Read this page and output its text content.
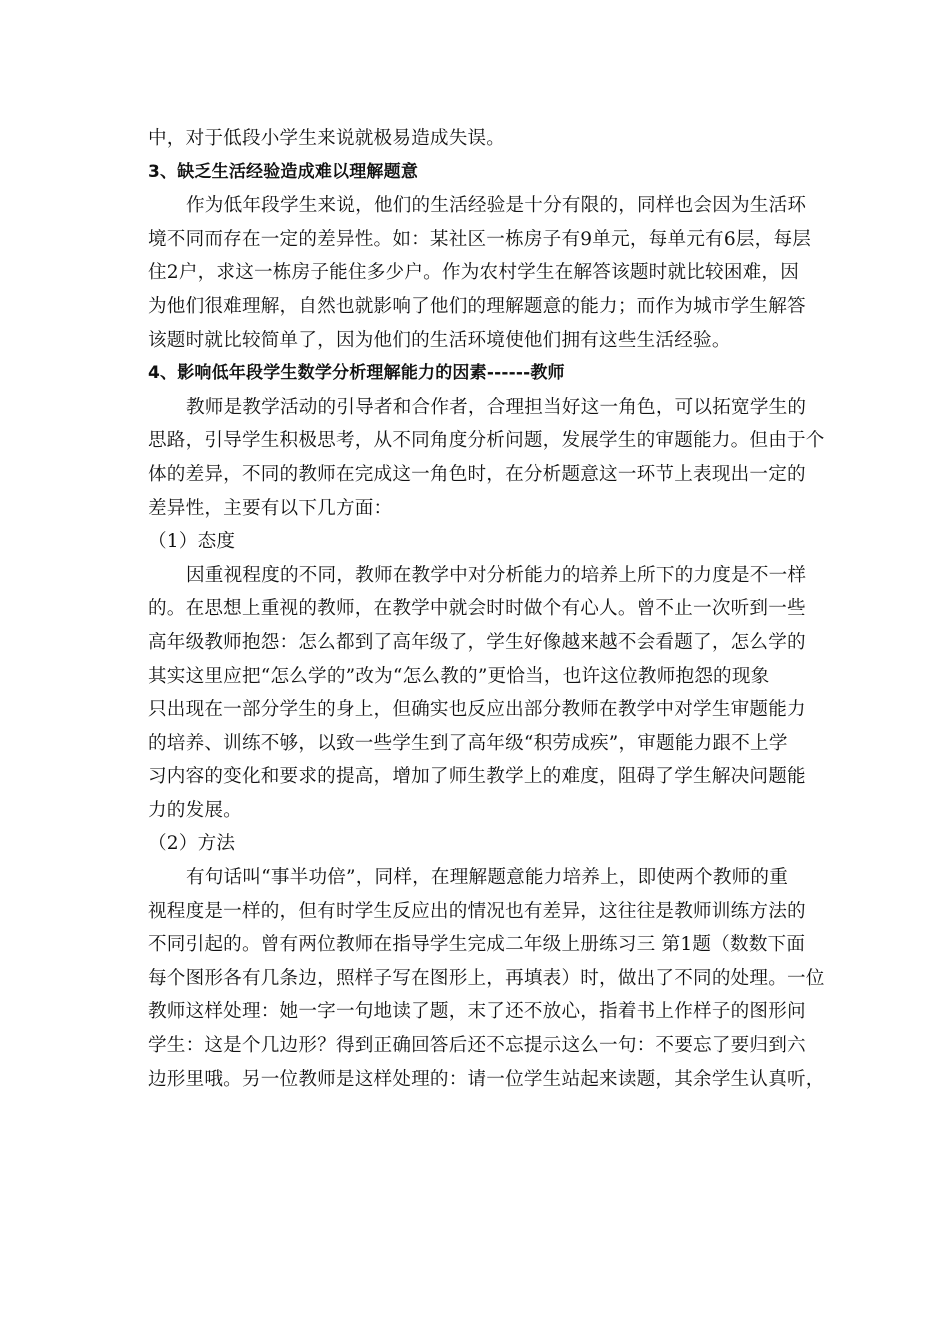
中，对于低段小学生来说就极易造成失误。
3、缺乏生活经验造成难以理解题意
作为低年段学生来说，他们的生活经验是十分有限的，同样也会因为生活环
境不同而存在一定的差异性。如：某社区一栋房子有9单元，每单元有6层，每层
住2户，求这一栋房子能住多少户。作为农村学生在解答该题时就比较困难，因
为他们很难理解，自然也就影响了他们的理解题意的能力；而作为城市学生解答
该题时就比较简单了，因为他们的生活环境使他们拥有这些生活经验。
4、影响低年段学生数学分析理解能力的因素------教师
教师是教学活动的引导者和合作者，合理担当好这一角色，可以拓宽学生的
思路，引导学生积极思考，从不同角度分析问题，发展学生的审题能力。但由于个
体的差异，不同的教师在完成这一角色时，在分析题意这一环节上表现出一定的
差异性，主要有以下几方面：
（1）态度
因重视程度的不同，教师在教学中对分析能力的培养上所下的力度是不一样
的。在思想上重视的教师，在教学中就会时时做个有心人。曾不止一次听到一些
高年级教师抱怨：怎么都到了高年级了，学生好像越来越不会看题了，怎么学的
其实这里应把“怎么学的”改为“怎么教的”更恰当，也许这位教师抱怨的现象
只出现在一部分学生的身上，但确实也反应出部分教师在教学中对学生审题能力
的培养、训练不够，以致一些学生到了高年级“积劳成疾”，审题能力跟不上学
习内容的变化和要求的提高，增加了师生教学上的难度，阻碍了学生解决问题能
力的发展。
（2）方法
有句话叫“事半功倍”，同样，在理解题意能力培养上，即使两个教师的重
视程度是一样的，但有时学生反应出的情况也有差异，这往往是教师训练方法的
不同引起的。曾有两位教师在指导学生完成二年级上册练习三 第1题（数数下面
每个图形各有几条边，照样子写在图形上，再填表）时，做出了不同的处理。一位
教师这样处理：她一字一句地读了题，末了还不放心，指着书上作样子的图形问
学生：这是个几边形？得到正确回答后还不忘提示这么一句：不要忘了要归到六
边形里哦。另一位教师是这样处理的：请一位学生站起来读题，其余学生认真听，
